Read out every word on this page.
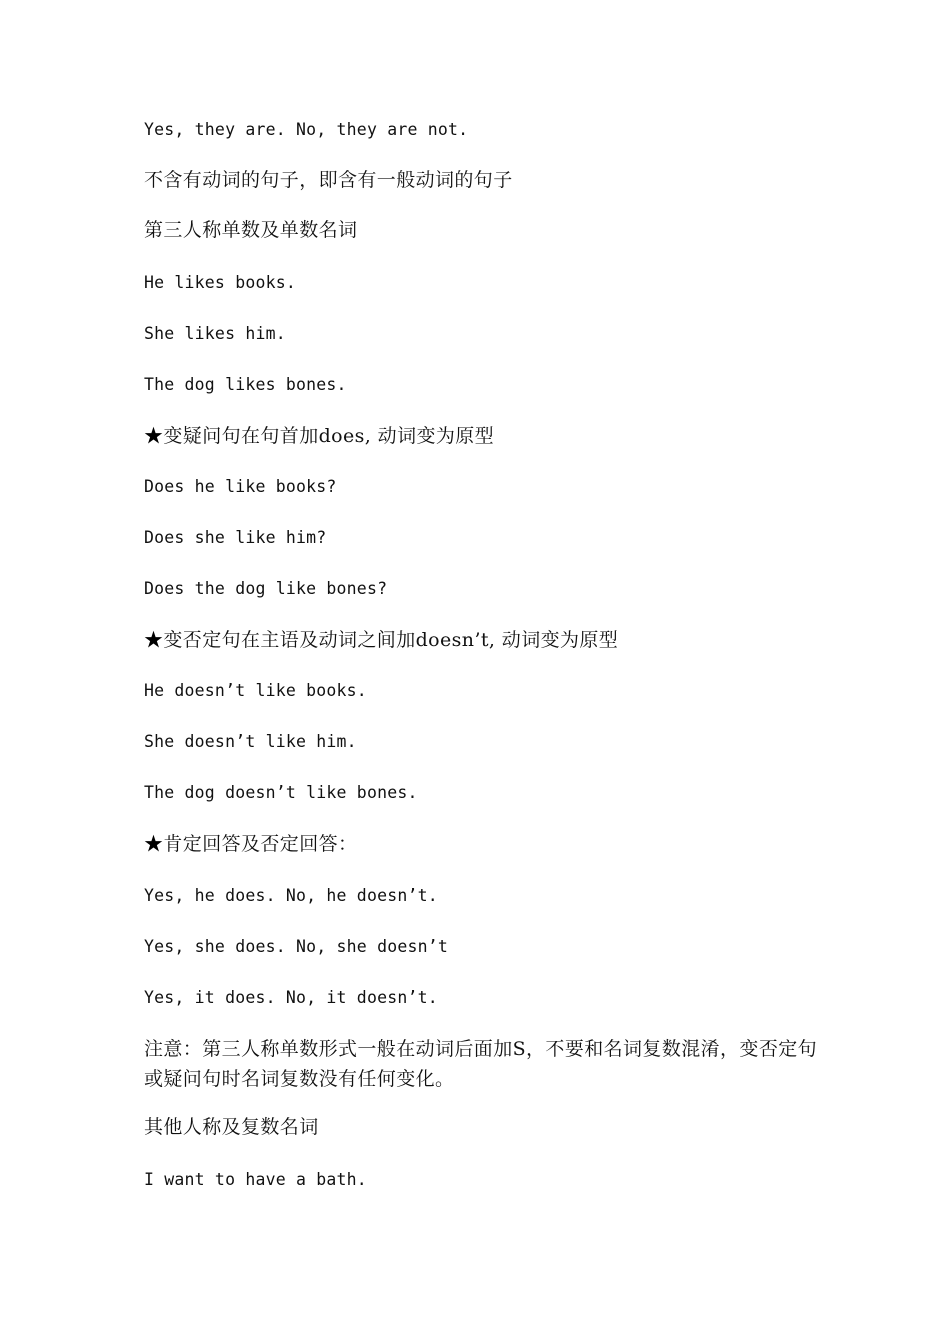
Yes, they are. No, they are not.

不含有动词的句子，即含有一般动词的句子

第三人称单数及单数名词

He likes books.

She likes him.

The dog likes bones.

★变疑问句在句首加does, 动词变为原型

Does he like books?

Does she like him?

Does the dog like bones?

★变否定句在主语及动词之间加doesn’t, 动词变为原型

He doesn’t like books.

She doesn’t like him.

The dog doesn’t like bones.

★肯定回答及否定回答：

Yes, he does. No, he doesn’t.

Yes, she does. No, she doesn’t

Yes, it does. No, it doesn’t.

注意：第三人称单数形式一般在动词后面加S，不要和名词复数混淆，变否定句或疑问句时名词复数没有任何变化。

其他人称及复数名词

I want to have a bath.
